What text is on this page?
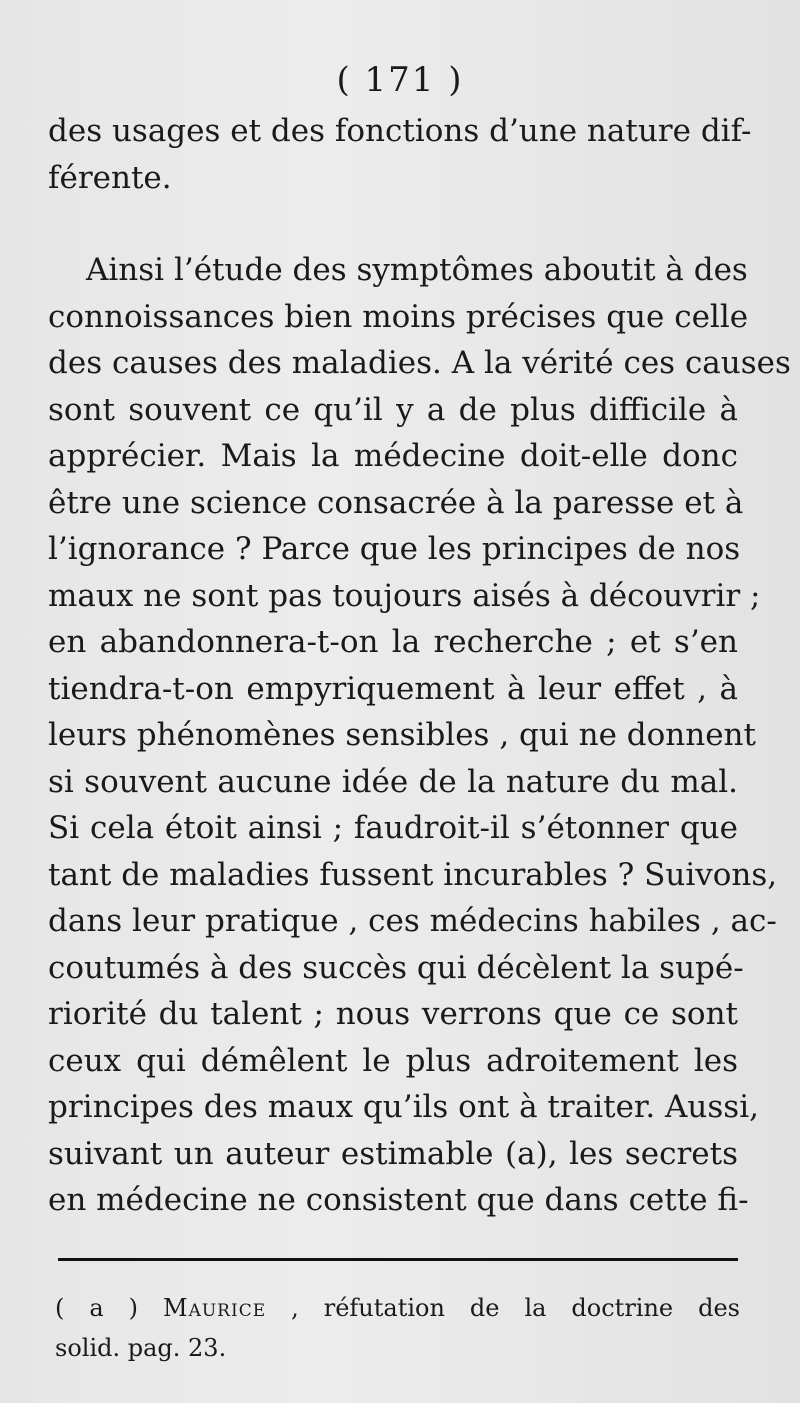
( 171 )
des usages et des fonctions d’une nature dif-
férente.
Ainsi l’étude des symptômes aboutit à des
connoissances bien moins précises que celle
des causes des maladies. A la vérité ces causes
sont souvent ce qu’il y a de plus difficile à
apprécier. Mais la médecine doit-elle donc
être une science consacrée à la paresse et à
l’ignorance ? Parce que les principes de nos
maux ne sont pas toujours aisés à découvrir ;
en abandonnera-t-on la recherche ; et s’en
tiendra-t-on empyriquement à leur effet , à
leurs phénomènes sensibles , qui ne donnent
si souvent aucune idée de la nature du mal.
Si cela étoit ainsi ; faudroit-il s’étonner que
tant de maladies fussent incurables ? Suivons,
dans leur pratique , ces médecins habiles , ac-
coutumés à des succès qui décèlent la supé-
riorité du talent ; nous verrons que ce sont
ceux qui démêlent le plus adroitement les
principes des maux qu’ils ont à traiter. Aussi,
suivant un auteur estimable (a), les secrets
en médecine ne consistent que dans cette fi-
( a ) Maurice , réfutation de la doctrine des
solid. pag. 23.
